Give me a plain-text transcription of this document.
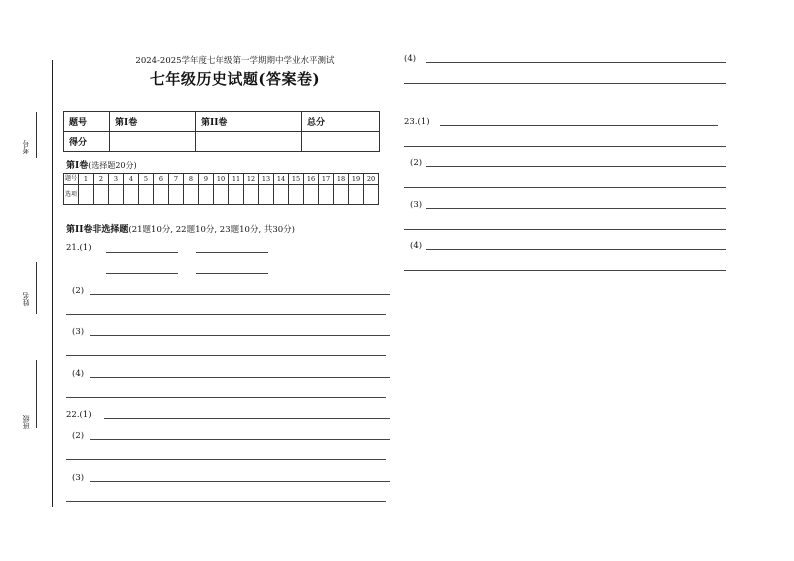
考号
姓名
班级
2024-2025学年度七年级第一学期期中学业水平测试
七年级历史试题(答案卷)
题号	第Ⅰ卷	第II卷	总分
得分			
第Ⅰ卷(选择题20分)
题号	1	2	3	4	5	6	7	8	9	10	11	12	13	14	15	16	17	18	19	20
选项																				
第II卷非选择题(21题10分, 22题10分, 23题10分, 共30分)
21.(1)
(2)
(3)
(4)
22.(1)
(2)
(3)
(4)
23.(1)
(2)
(3)
(4)
